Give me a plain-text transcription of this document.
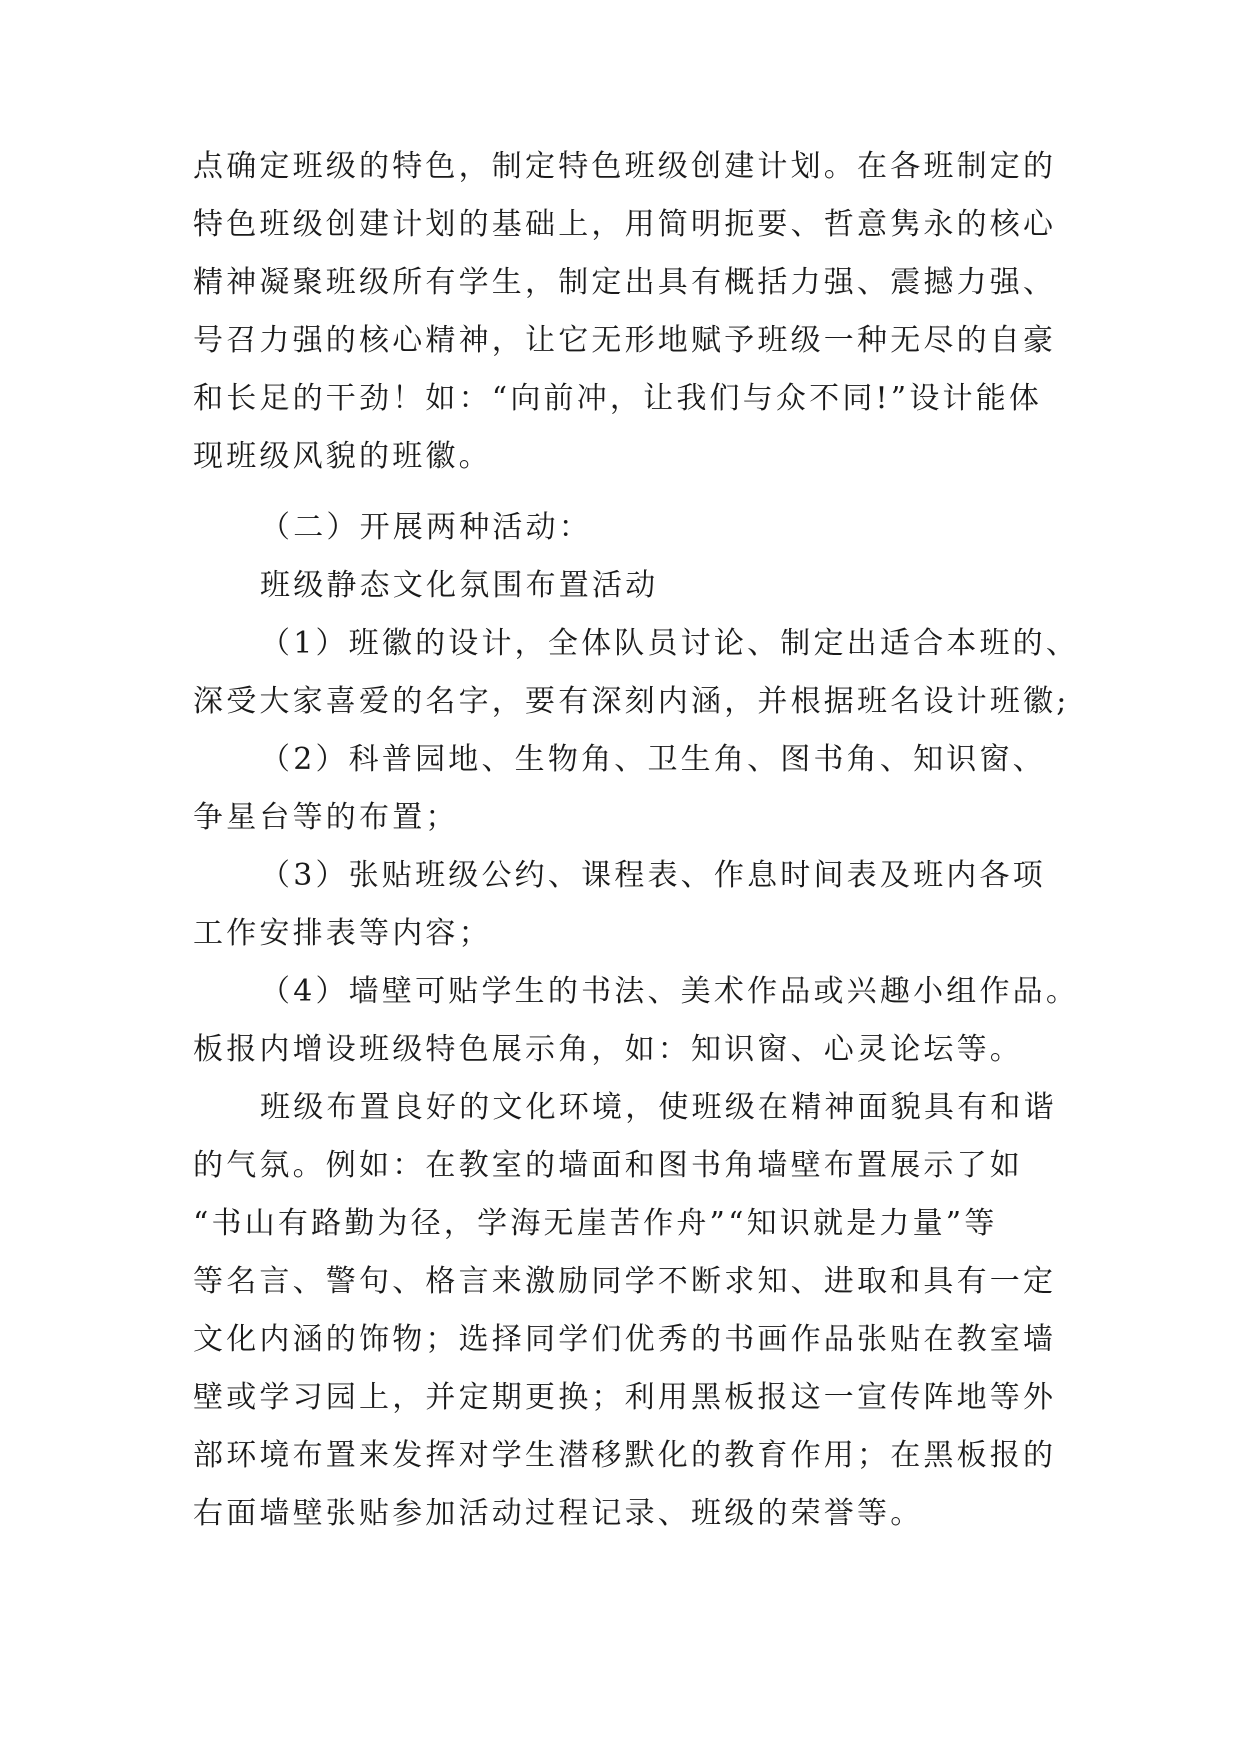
点确定班级的特色，制定特色班级创建计划。在各班制定的
特色班级创建计划的基础上，用简明扼要、哲意隽永的核心
精神凝聚班级所有学生，制定出具有概括力强、震撼力强、
号召力强的核心精神，让它无形地赋予班级一种无尽的自豪
和长足的干劲！如：“向前冲，让我们与众不同!”设计能体
现班级风貌的班徽。
（二）开展两种活动：
班级静态文化氛围布置活动
（1）班徽的设计，全体队员讨论、制定出适合本班的、
深受大家喜爱的名字，要有深刻内涵，并根据班名设计班徽;
（2）科普园地、生物角、卫生角、图书角、知识窗、
争星台等的布置；
（3）张贴班级公约、课程表、作息时间表及班内各项
工作安排表等内容；
（4）墙壁可贴学生的书法、美术作品或兴趣小组作品。
板报内增设班级特色展示角，如：知识窗、心灵论坛等。
班级布置良好的文化环境，使班级在精神面貌具有和谐
的气氛。例如：在教室的墙面和图书角墙壁布置展示了如
“书山有路勤为径，学海无崖苦作舟”“知识就是力量”等
等名言、警句、格言来激励同学不断求知、进取和具有一定
文化内涵的饰物；选择同学们优秀的书画作品张贴在教室墙
壁或学习园上，并定期更换；利用黑板报这一宣传阵地等外
部环境布置来发挥对学生潜移默化的教育作用；在黑板报的
右面墙壁张贴参加活动过程记录、班级的荣誉等。
